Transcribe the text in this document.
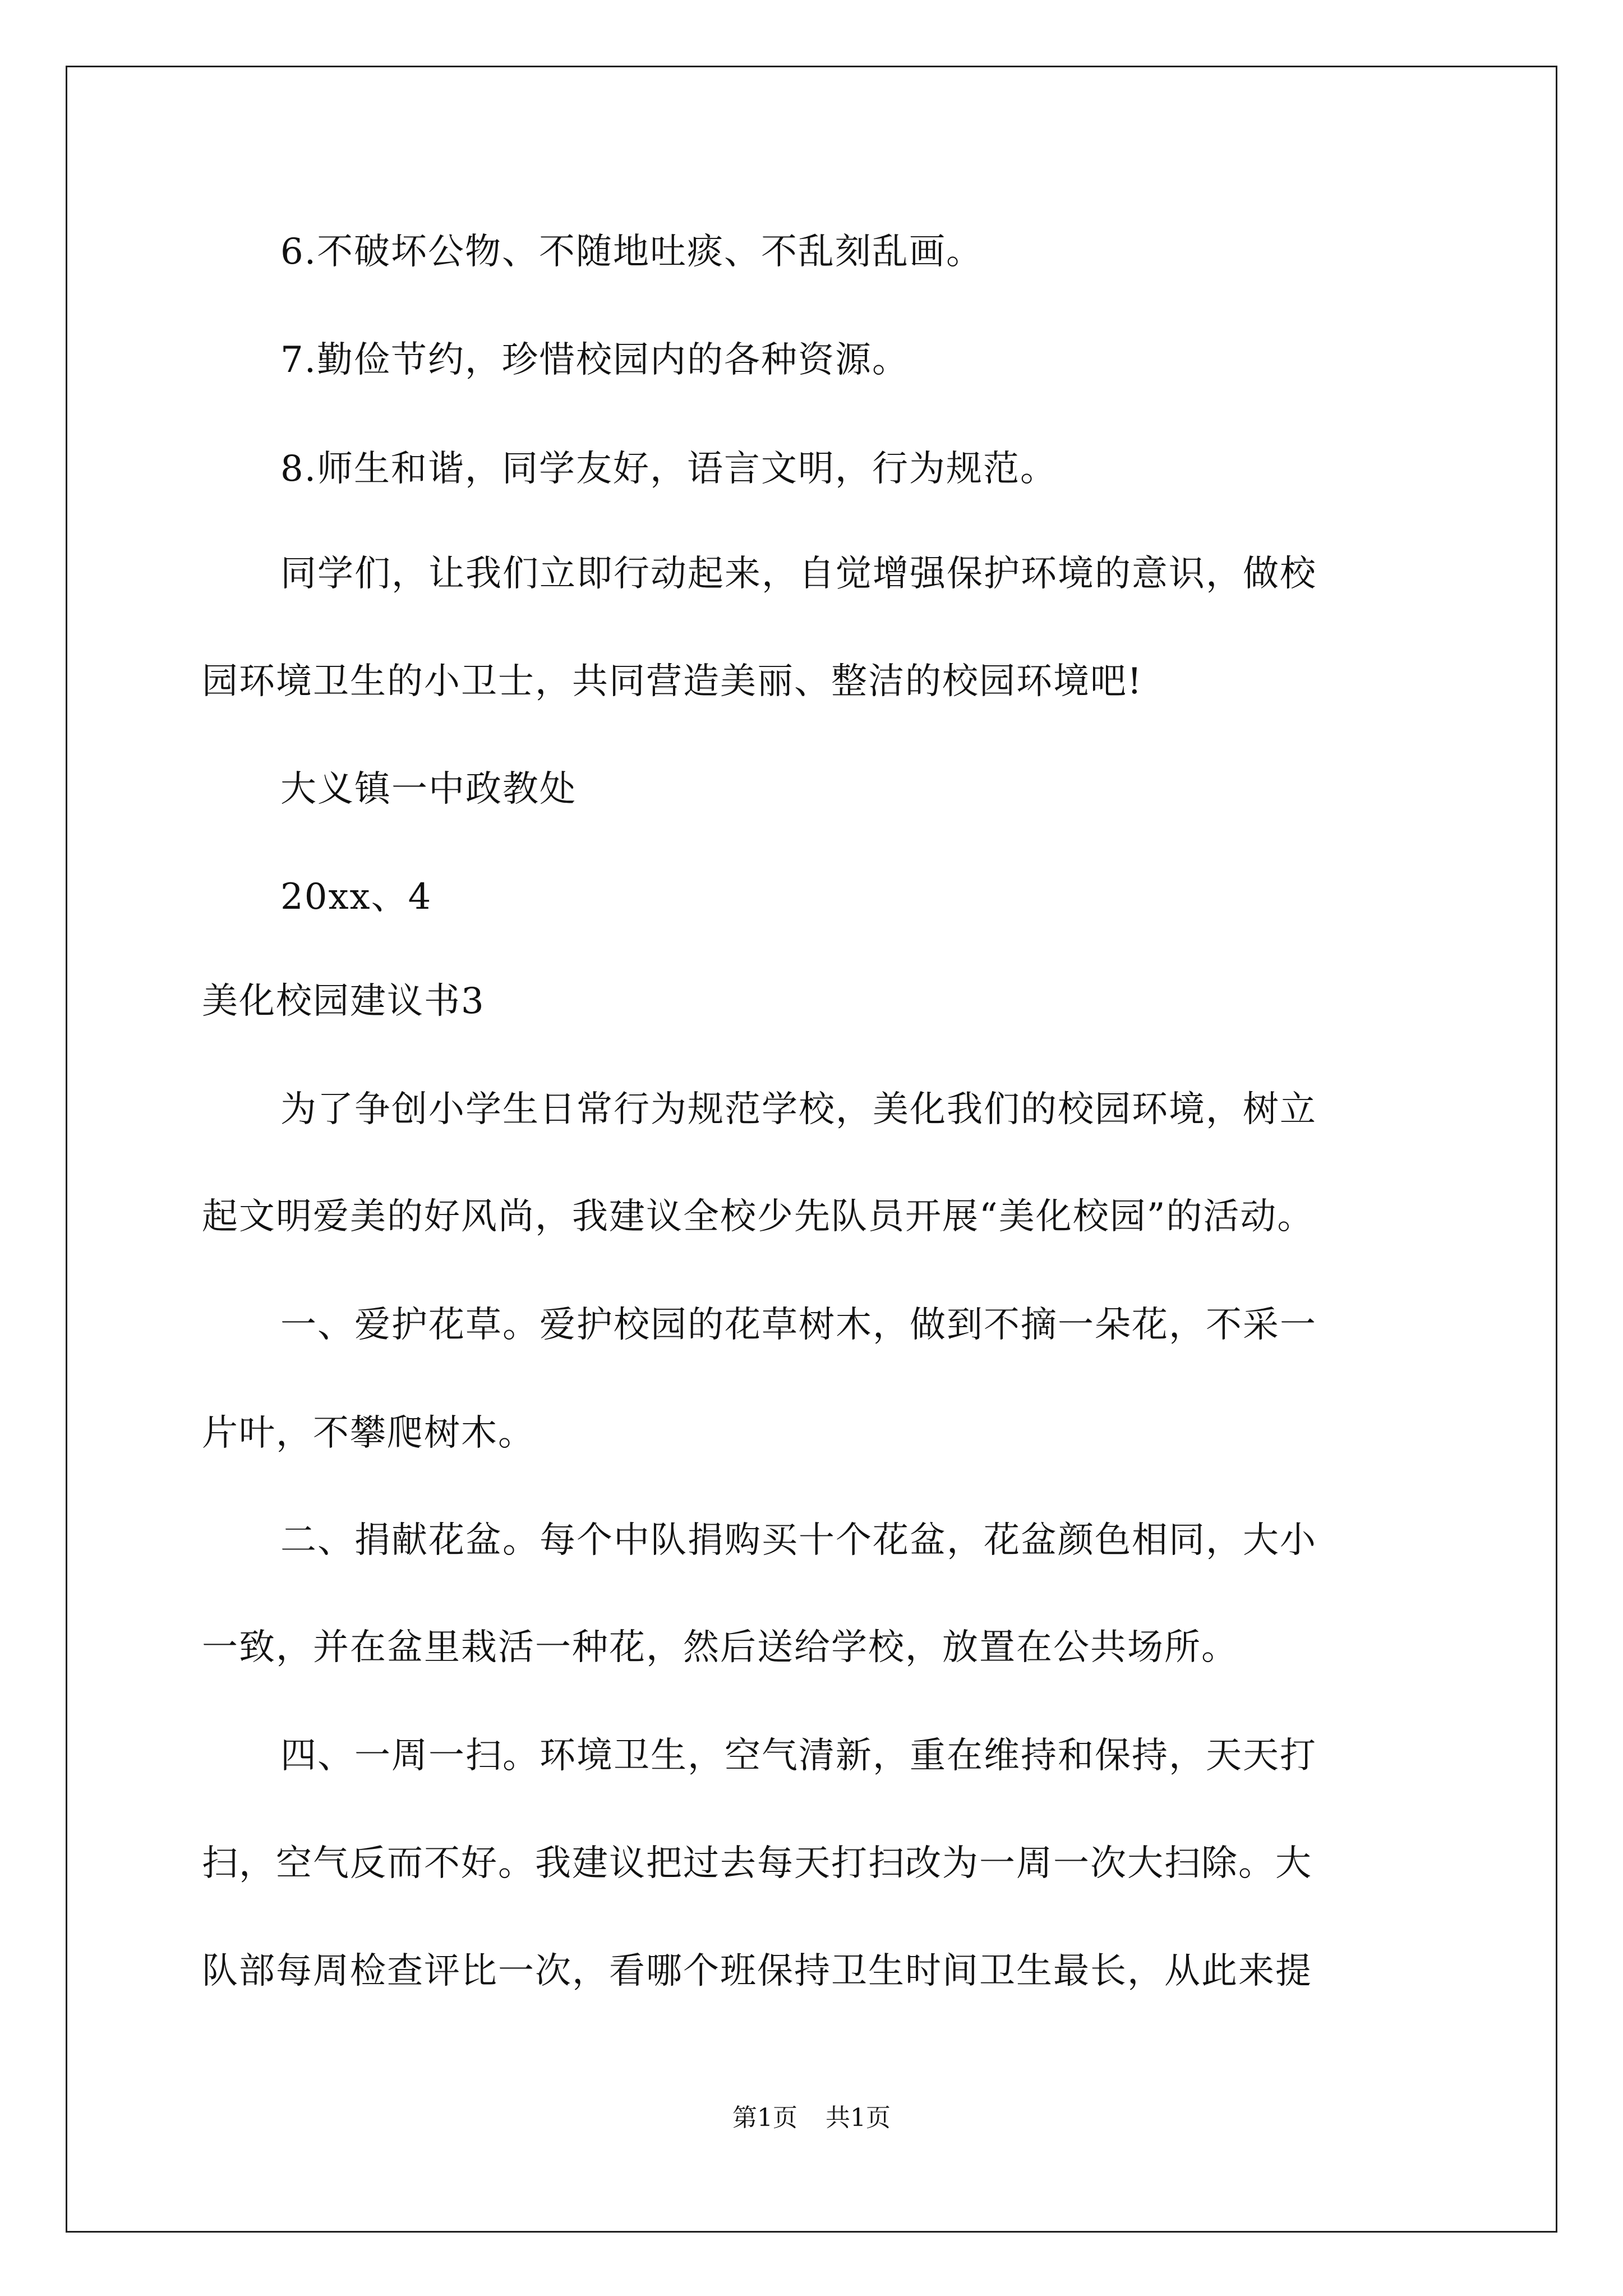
6.不破坏公物、不随地吐痰、不乱刻乱画。
7.勤俭节约，珍惜校园内的各种资源。
8.师生和谐，同学友好，语言文明，行为规范。
同学们，让我们立即行动起来，自觉增强保护环境的意识，做校
园环境卫生的小卫士，共同营造美丽、整洁的校园环境吧!
大义镇一中政教处
20xx、4
美化校园建议书3
为了争创小学生日常行为规范学校，美化我们的校园环境，树立
起文明爱美的好风尚，我建议全校少先队员开展“美化校园”的活动。
一、爱护花草。爱护校园的花草树木，做到不摘一朵花，不采一
片叶，不攀爬树木。
二、捐献花盆。每个中队捐购买十个花盆，花盆颜色相同，大小
一致，并在盆里栽活一种花，然后送给学校，放置在公共场所。
四、一周一扫。环境卫生，空气清新，重在维持和保持，天天打
扫，空气反而不好。我建议把过去每天打扫改为一周一次大扫除。大
队部每周检查评比一次，看哪个班保持卫生时间卫生最长，从此来提
第1页 共1页
